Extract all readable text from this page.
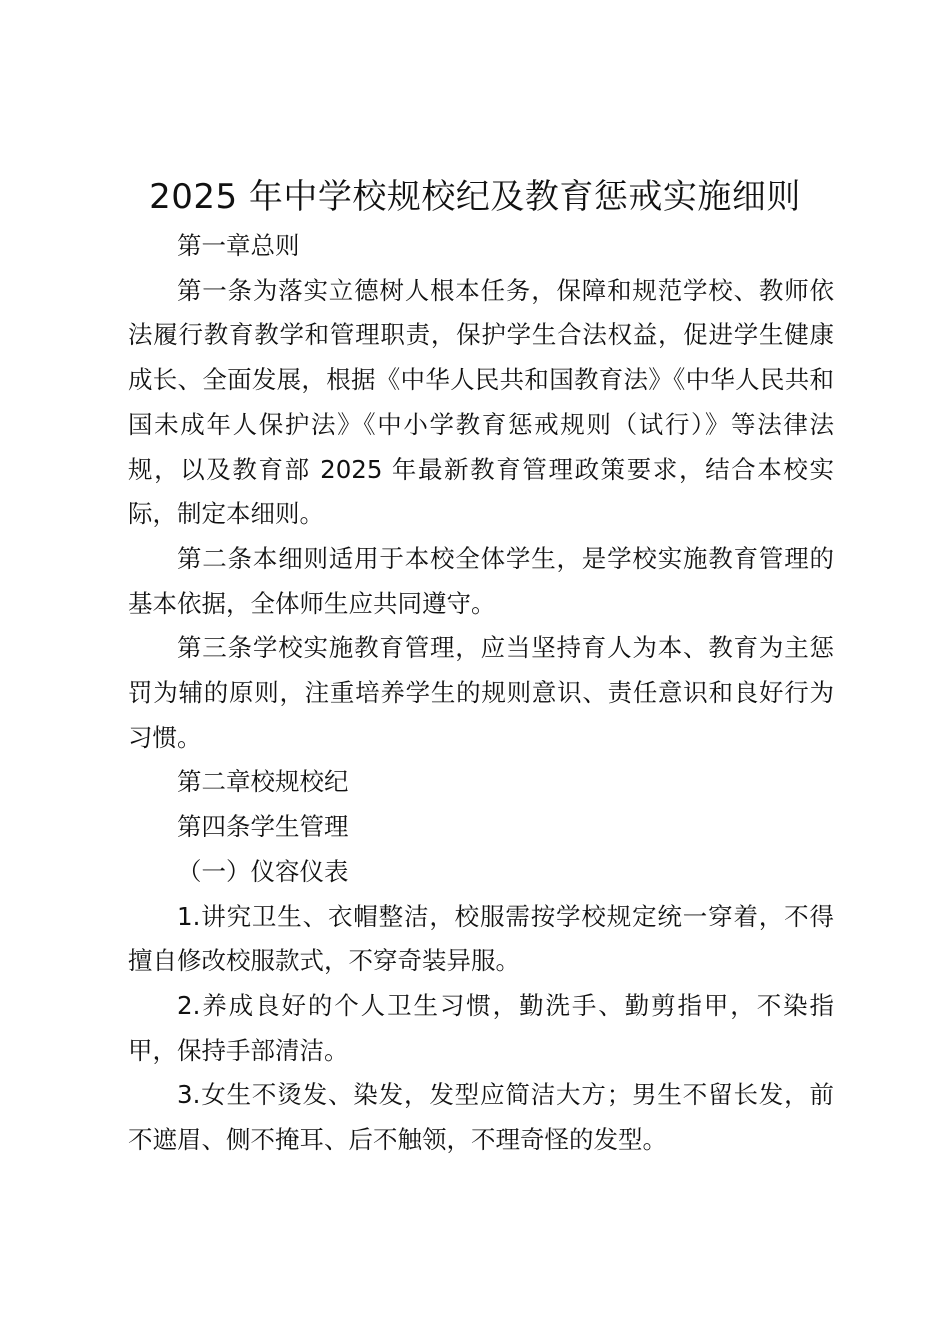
2025 年中学校规校纪及教育惩戒实施细则

第一章总则

第一条为落实立德树人根本任务，保障和规范学校、教师依法履行教育教学和管理职责，保护学生合法权益，促进学生健康成长、全面发展，根据《中华人民共和国教育法》《中华人民共和国未成年人保护法》《中小学教育惩戒规则（试行）》等法律法规，以及教育部 2025 年最新教育管理政策要求，结合本校实际，制定本细则。

第二条本细则适用于本校全体学生，是学校实施教育管理的基本依据，全体师生应共同遵守。

第三条学校实施教育管理，应当坚持育人为本、教育为主惩罚为辅的原则，注重培养学生的规则意识、责任意识和良好行为习惯。

第二章校规校纪

第四条学生管理

（一）仪容仪表

1.讲究卫生、衣帽整洁，校服需按学校规定统一穿着，不得擅自修改校服款式，不穿奇装异服。

2.养成良好的个人卫生习惯，勤洗手、勤剪指甲，不染指甲，保持手部清洁。

3.女生不烫发、染发，发型应简洁大方；男生不留长发，前不遮眉、侧不掩耳、后不触领，不理奇怪的发型。
